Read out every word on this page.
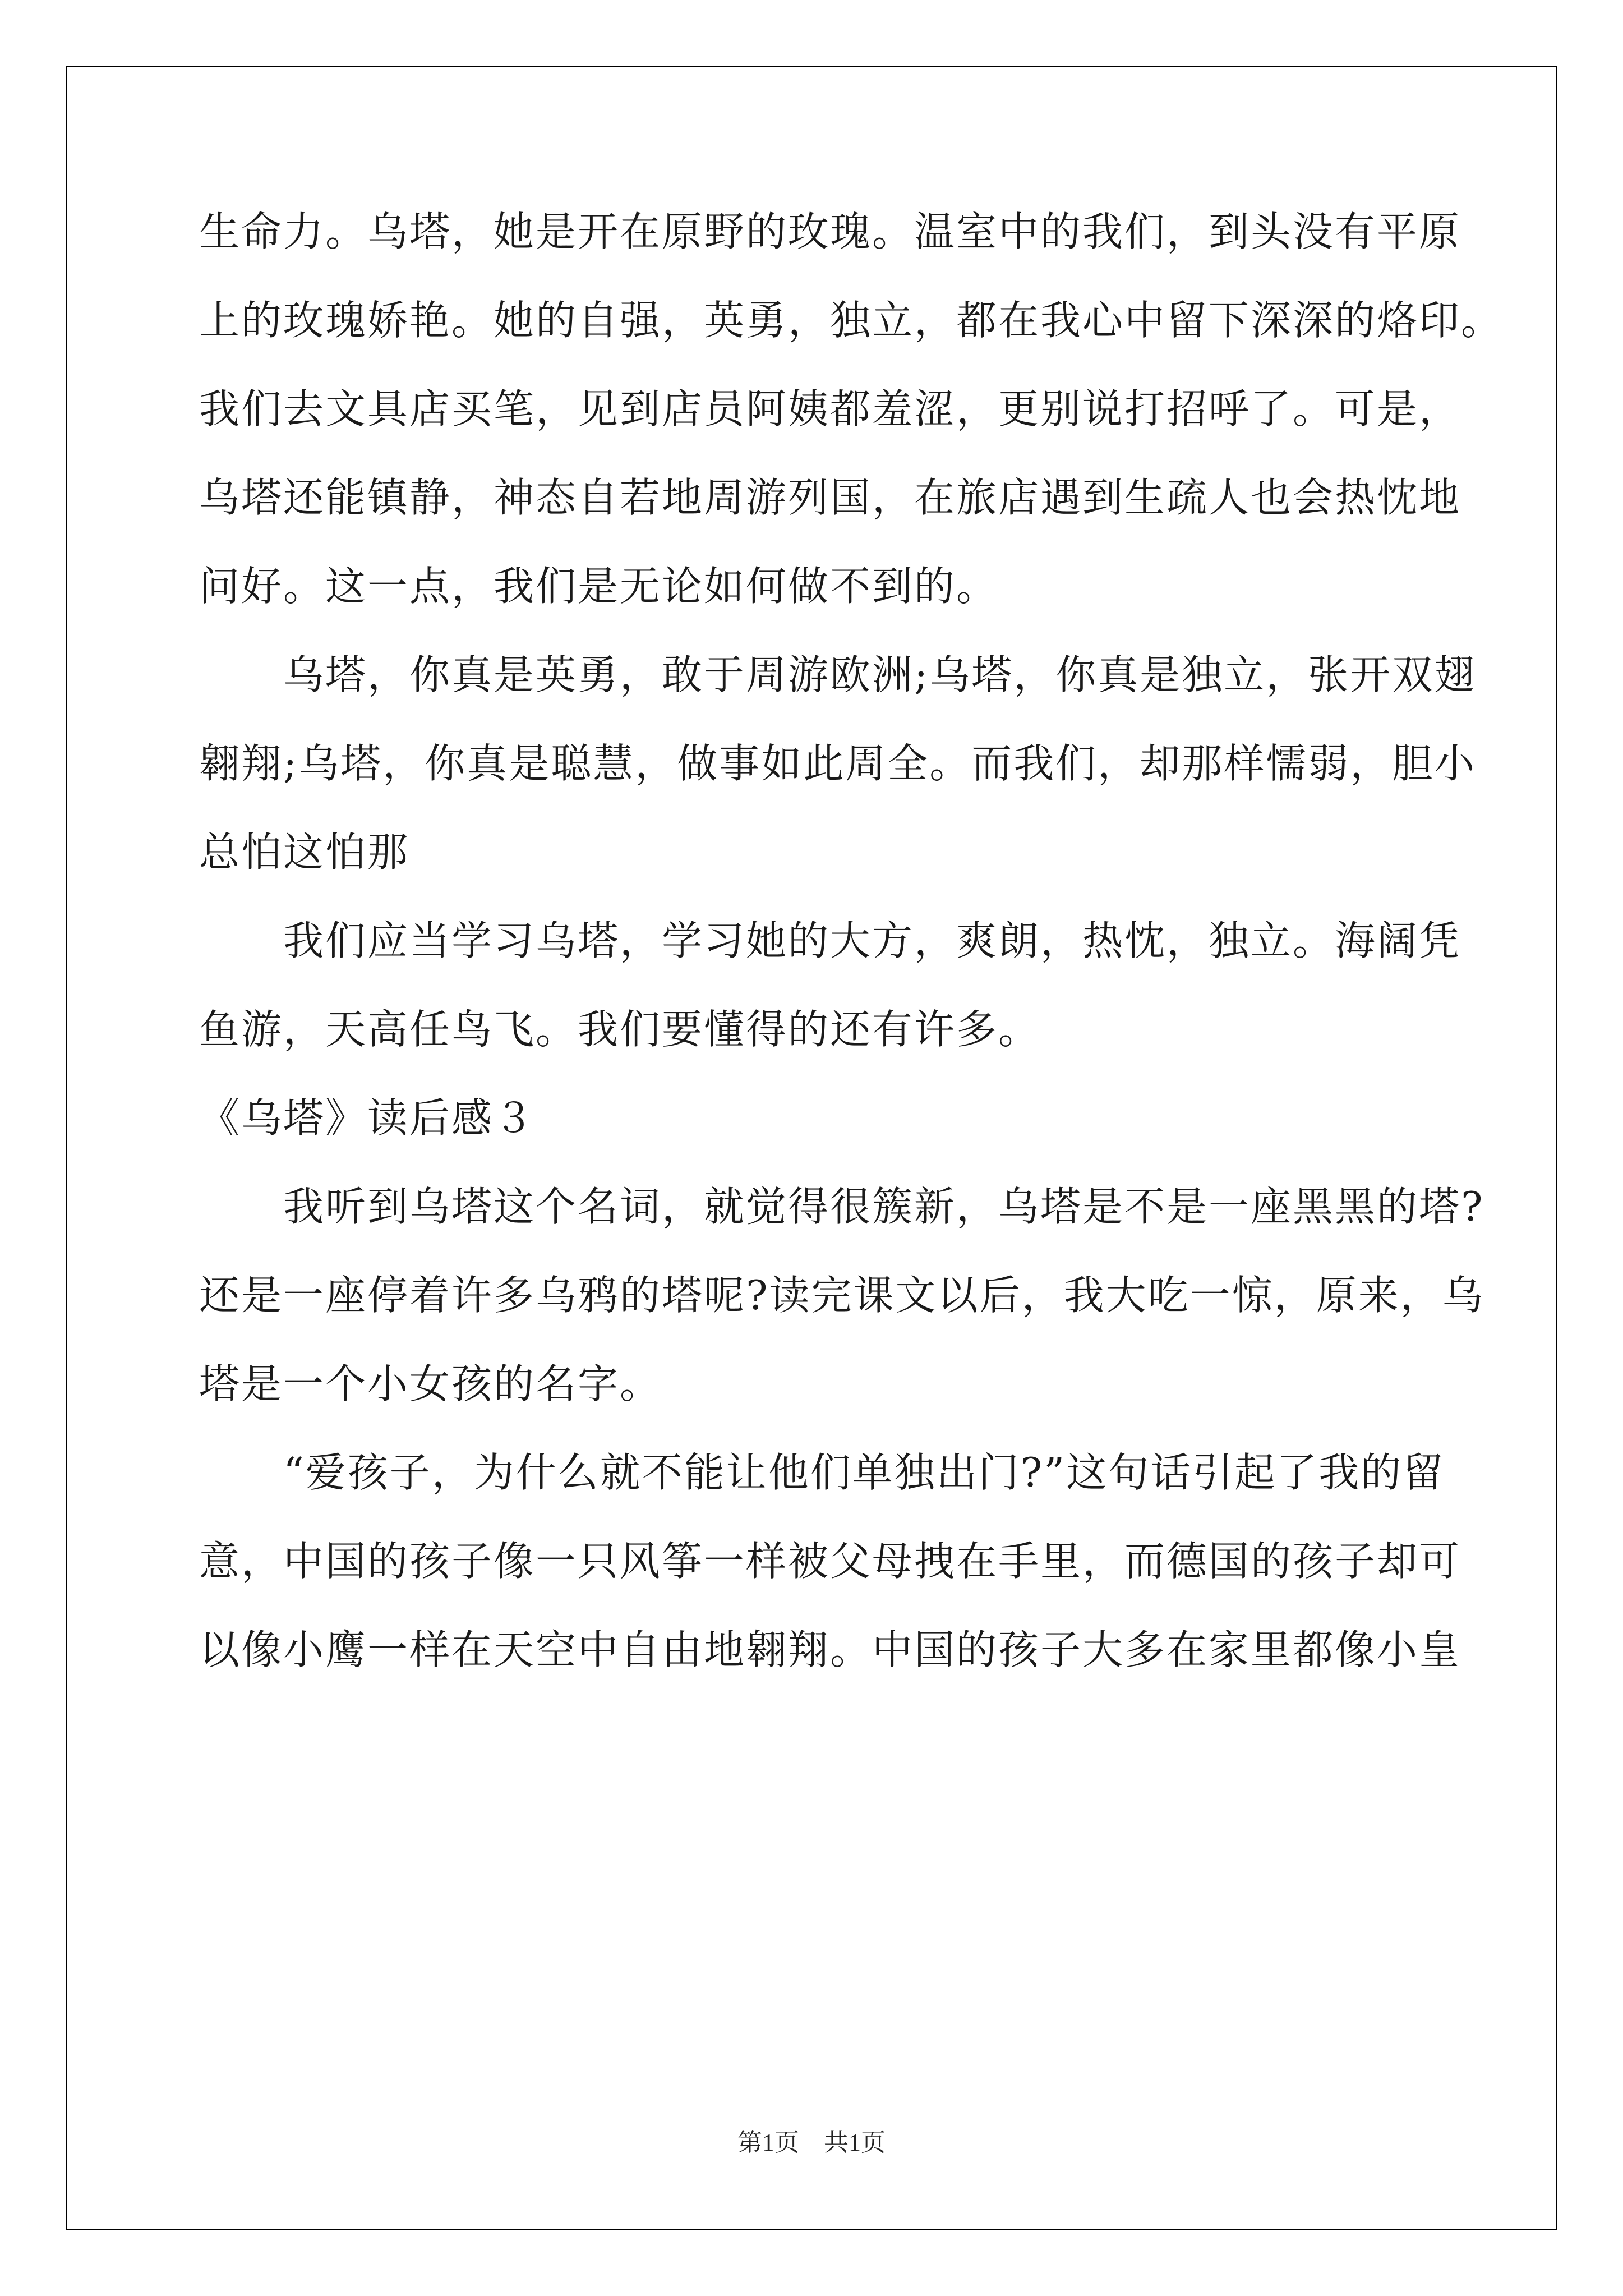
生命力。乌塔，她是开在原野的玫瑰。温室中的我们，到头没有平原
上的玫瑰娇艳。她的自强，英勇，独立，都在我心中留下深深的烙印。
我们去文具店买笔，见到店员阿姨都羞涩，更别说打招呼了。可是，
乌塔还能镇静，神态自若地周游列国，在旅店遇到生疏人也会热忱地
问好。这一点，我们是无论如何做不到的。
乌塔，你真是英勇，敢于周游欧洲;乌塔，你真是独立，张开双翅
翱翔;乌塔，你真是聪慧，做事如此周全。而我们，却那样懦弱，胆小
总怕这怕那
我们应当学习乌塔，学习她的大方，爽朗，热忱，独立。海阔凭
鱼游，天高任鸟飞。我们要懂得的还有许多。
《乌塔》读后感３
我听到乌塔这个名词，就觉得很簇新，乌塔是不是一座黑黑的塔?
还是一座停着许多乌鸦的塔呢?读完课文以后，我大吃一惊，原来，乌
塔是一个小女孩的名字。
“爱孩子，为什么就不能让他们单独出门?”这句话引起了我的留
意，中国的孩子像一只风筝一样被父母拽在手里，而德国的孩子却可
以像小鹰一样在天空中自由地翱翔。中国的孩子大多在家里都像小皇
第1页　共1页
